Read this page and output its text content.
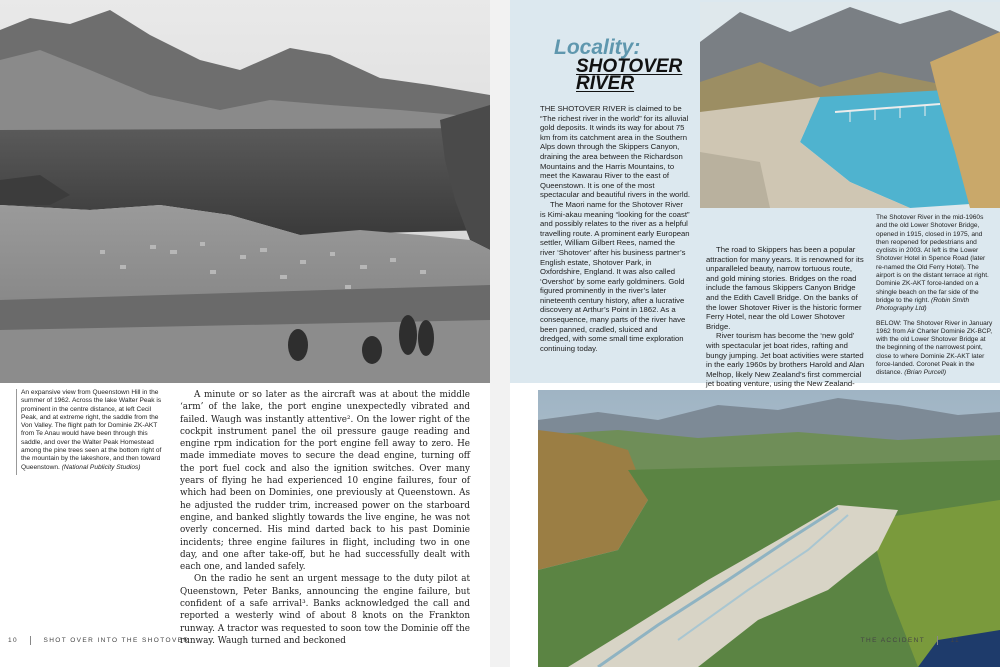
An expansive view from Queenstown Hill in the summer of 1962. Across the lake Walter Peak is prominent in the centre distance, at left Cecil Peak, and at extreme right, the saddle from the Von Valley. The flight path for Dominie ZK-AKT from Te Anau would have been through this saddle, and over the Walter Peak Homestead among the pine trees seen at the bottom right of the mountain by the lakeshore, and then toward Queenstown. (National Publicity Studios)

A minute or so later as the aircraft was at about the middle ‘arm’ of the lake, the port engine unexpectedly vibrated and failed. Waugh was instantly attentive². On the lower right of the cockpit instrument panel the oil pressure gauge reading and engine rpm indication for the port engine fell away to zero. He made immediate moves to secure the dead engine, turning off the port fuel cock and also the ignition switches. Over many years of flying he had experienced 10 engine failures, four of which had been on Dominies, one previously at Queenstown. As he adjusted the rudder trim, increased power on the starboard engine, and banked slightly towards the live engine, he was not overly concerned. His mind darted back to his past Dominie incidents; three engine failures in flight, including two in one day, and one after take-off, but he had successfully dealt with each one, and landed safely.

On the radio he sent an urgent message to the duty pilot at Queenstown, Peter Banks, announcing the engine failure, but confident of a safe arrival³. Banks acknowledged the call and reported a westerly wind of about 8 knots on the Frankton runway. A tractor was requested to soon tow the Dominie off the runway. Waugh turned and beckoned

10	SHOT OVER INTO THE SHOTOVER
Locality:
SHOTOVER RIVER

THE SHOTOVER RIVER is claimed to be “The richest river in the world” for its alluvial gold deposits. It winds its way for about 75 km from its catchment area in the Southern Alps down through the Skippers Canyon, draining the area between the Richardson Mountains and the Harris Mountains, to meet the Kawarau River to the east of Queenstown. It is one of the most spectacular and beautiful rivers in the world.

The Maori name for the Shotover River is Kimi-akau meaning “looking for the coast” and possibly relates to the river as a helpful travelling route. A prominent early European settler, William Gilbert Rees, named the river ‘Shotover’ after his business partner’s English estate, Shotover Park, in Oxfordshire, England. It was also called ‘Overshot’ by some early goldminers. Gold figured prominently in the river’s later nineteenth century history, after a lucrative discovery at Arthur’s Point in 1862. As a consequence, many parts of the river have been panned, cradled, sluiced and dredged, with some small time exploration continuing today.

The road to Skippers has been a popular attraction for many years. It is renowned for its unparalleled beauty, narrow tortuous route, and gold mining stories. Bridges on the road include the famous Skippers Canyon Bridge and the Edith Cavell Bridge. On the banks of the lower Shotover River is the historic former Ferry Hotel, near the old Lower Shotover Bridge.

River tourism has become the ‘new gold’ with spectacular jet boat rides, rafting and bungy jumping. Jet boat activities were started in the early 1960s by brothers Harold and Alan Melhop, likely New Zealand’s first commercial jet boating venture, using the New Zealand-

The Shotover River in the mid-1960s and the old Lower Shotover Bridge, opened in 1915, closed in 1975, and then reopened for pedestrians and cyclists in 2003. At left is the Lower Shotover Hotel in Spence Road (later re-named the Old Ferry Hotel). The airport is on the distant terrace at right. Dominie ZK-AKT force-landed on a shingle beach on the far side of the bridge to the right. (Robin Smith Photography Ltd)
BELOW: The Shotover River in January 1962 from Air Charter Dominie ZK-BCP, with the old Lower Shotover Bridge at the beginning of the narrowest point, close to where Dominie ZK-AKT later force-landed. Coronet Peak in the distance. (Brian Purcell)
THE ACCIDENT	11
